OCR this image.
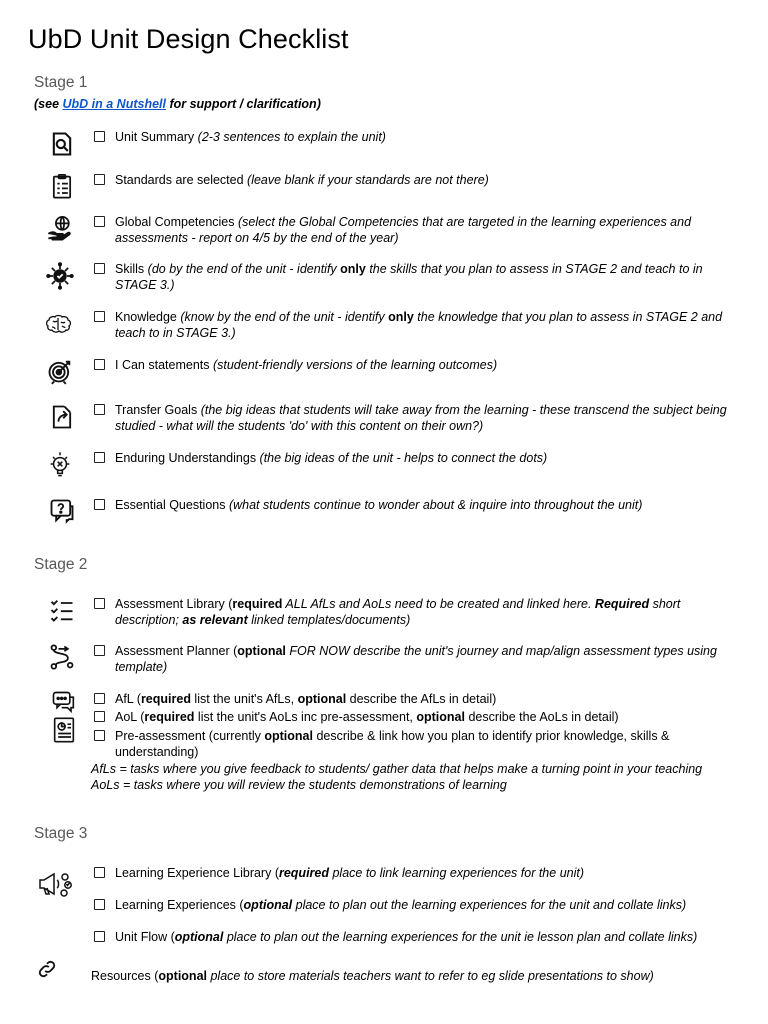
UbD Unit Design Checklist
Stage 1
(see UbD in a Nutshell for support / clarification)
Unit Summary (2-3 sentences to explain the unit)
Standards are selected (leave blank if your standards are not there)
Global Competencies (select the Global Competencies that are targeted in the learning experiences and assessments - report on 4/5 by the end of the year)
Skills (do by the end of the unit - identify only the skills that you plan to assess in STAGE 2 and teach to in STAGE 3.)
Knowledge (know by the end of the unit - identify only the knowledge that you plan to assess in STAGE 2 and teach to in STAGE 3.)
I Can statements (student-friendly versions of the learning outcomes)
Transfer Goals (the big ideas that students will take away from the learning - these transcend the subject being studied - what will the students 'do' with this content on their own?)
Enduring Understandings (the big ideas of the unit - helps to connect the dots)
Essential Questions (what students continue to wonder about & inquire into throughout the unit)
Stage 2
Assessment Library (required ALL AfLs and AoLs need to be created and linked here. Required short description; as relevant linked templates/documents)
Assessment Planner (optional FOR NOW describe the unit's journey and map/align assessment types using template)
AfL (required list the unit's AfLs, optional describe the AfLs in detail)
AoL (required list the unit's AoLs inc pre-assessment, optional describe the AoLs in detail)
Pre-assessment (currently optional describe & link how you plan to identify prior knowledge, skills & understanding)
AfLs = tasks where you give feedback to students/ gather data that helps make a turning point in your teaching
AoLs = tasks where you will review the students demonstrations of learning
Stage 3
Learning Experience Library (required place to link learning experiences for the unit)
Learning Experiences (optional place to plan out the learning experiences for the unit and collate links)
Unit Flow (optional place to plan out the learning experiences for the unit ie lesson plan and collate links)
Resources (optional place to store materials teachers want to refer to eg slide presentations to show)
